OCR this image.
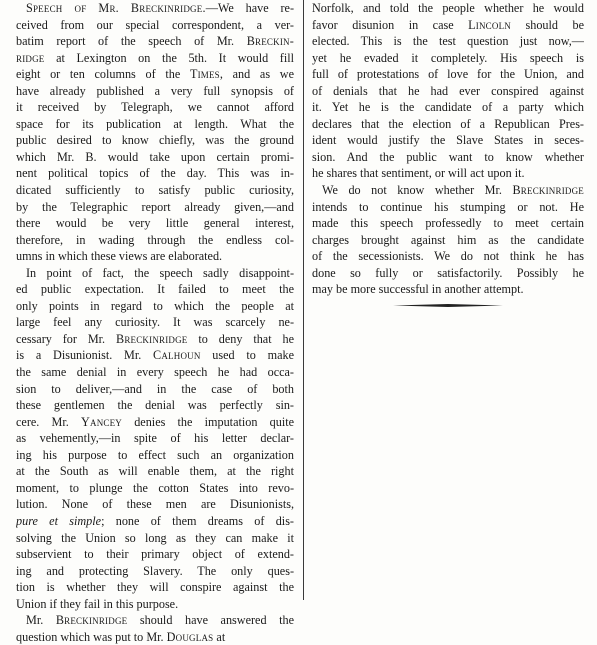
Speech of Mr. Breckinridge.—We have re-
ceived from our special correspondent, a ver-
batim report of the speech of Mr. Breckin-
ridge at Lexington on the 5th. It would fill
eight or ten columns of the Times, and as we
have already published a very full synopsis of
it received by Telegraph, we cannot afford
space for its publication at length. What the
public desired to know chiefly, was the ground
which Mr. B. would take upon certain promi-
nent political topics of the day. This was in-
dicated sufficiently to satisfy public curiosity,
by the Telegraphic report already given,—and
there would be very little general interest,
therefore, in wading through the endless col-
umns in which these views are elaborated.
In point of fact, the speech sadly disappoint-
ed public expectation. It failed to meet the
only points in regard to which the people at
large feel any curiosity. It was scarcely ne-
cessary for Mr. Breckinridge to deny that he
is a Disunionist. Mr. Calhoun used to make
the same denial in every speech he had occa-
sion to deliver,—and in the case of both
these gentlemen the denial was perfectly sin-
cere. Mr. Yancey denies the imputation quite
as vehemently,—in spite of his letter declar-
ing his purpose to effect such an organization
at the South as will enable them, at the right
moment, to plunge the cotton States into revo-
lution. None of these men are Disunionists,
pure et simple; none of them dreams of dis-
solving the Union so long as they can make it
subservient to their primary object of extend-
ing and protecting Slavery. The only ques-
tion is whether they will conspire against the
Union if they fail in this purpose.
Mr. Breckinridge should have answered the
question which was put to Mr. Douglas at
Norfolk, and told the people whether he would
favor disunion in case Lincoln should be
elected. This is the test question just now,—
yet he evaded it completely. His speech is
full of protestations of love for the Union, and
of denials that he had ever conspired against
it. Yet he is the candidate of a party which
declares that the election of a Republican Pres-
ident would justify the Slave States in seces-
sion. And the public want to know whether
he shares that sentiment, or will act upon it.
We do not know whether Mr. Breckinridge
intends to continue his stumping or not. He
made this speech professedly to meet certain
charges brought against him as the candidate
of the secessionists. We do not think he has
done so fully or satisfactorily. Possibly he
may be more successful in another attempt.
